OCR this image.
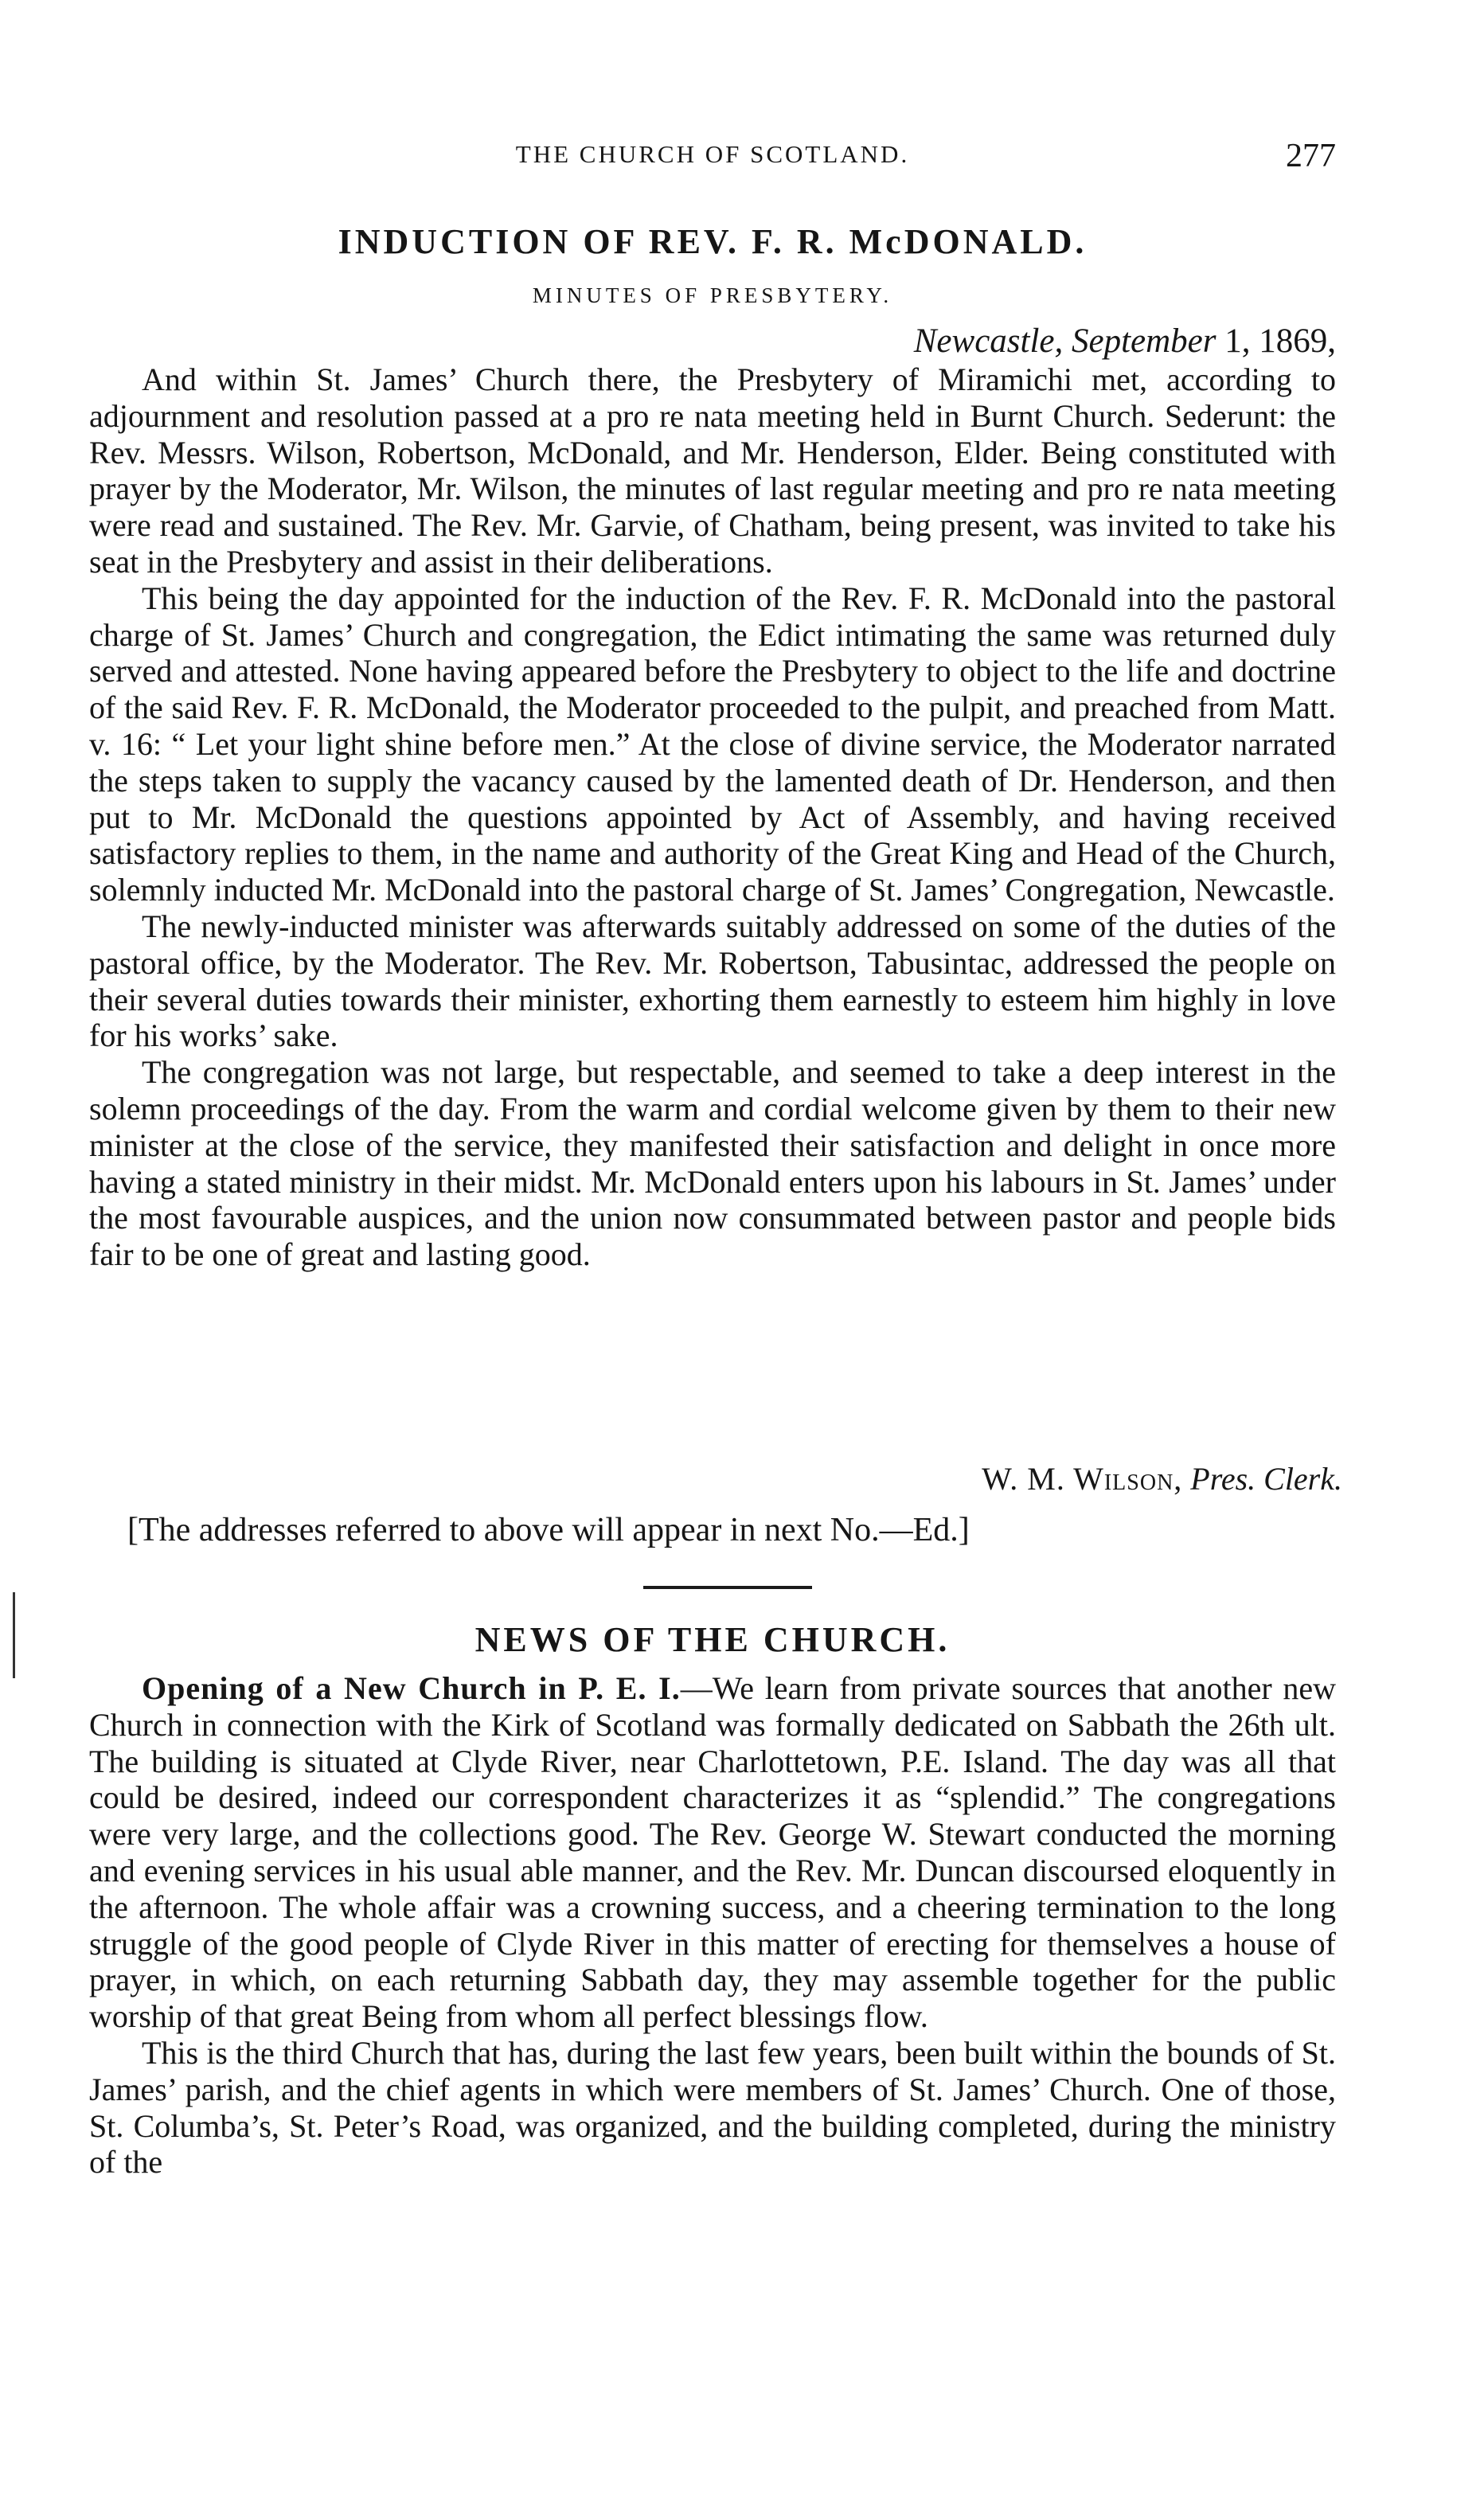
THE CHURCH OF SCOTLAND.	277
INDUCTION OF REV. F. R. McDONALD.
MINUTES OF PRESBYTERY.
Newcastle, September 1, 1869,

And within St. James’ Church there, the Presbytery of Miramichi met, according to adjournment and resolution passed at a pro re nata meeting held in Burnt Church. Sederunt: the Rev. Messrs. Wilson, Robertson, McDonald, and Mr. Henderson, Elder. Being constituted with prayer by the Moderator, Mr. Wilson, the minutes of last regular meeting and pro re nata meeting were read and sustained. The Rev. Mr. Garvie, of Chatham, being present, was invited to take his seat in the Presbytery and assist in their deliberations.

This being the day appointed for the induction of the Rev. F. R. McDonald into the pastoral charge of St. James’ Church and congregation, the Edict intimating the same was returned duly served and attested. None having appeared before the Presbytery to object to the life and doctrine of the said Rev. F. R. McDonald, the Moderator proceeded to the pulpit, and preached from Matt. v. 16: “ Let your light shine before men.” At the close of divine service, the Moderator narrated the steps taken to supply the vacancy caused by the lamented death of Dr. Henderson, and then put to Mr. McDonald the questions appointed by Act of Assembly, and having received satisfactory replies to them, in the name and authority of the Great King and Head of the Church, solemnly inducted Mr. McDonald into the pastoral charge of St. James’ Congregation, Newcastle.

The newly-inducted minister was afterwards suitably addressed on some of the duties of the pastoral office, by the Moderator. The Rev. Mr. Robertson, Tabusintac, addressed the people on their several duties towards their minister, exhorting them earnestly to esteem him highly in love for his works’ sake.

The congregation was not large, but respectable, and seemed to take a deep interest in the solemn proceedings of the day. From the warm and cordial welcome given by them to their new minister at the close of the service, they manifested their satisfaction and delight in once more having a stated ministry in their midst. Mr. McDonald enters upon his labours in St. James’ under the most favourable auspices, and the union now consummated between pastor and people bids fair to be one of great and lasting good.

W. M. Wilson, Pres. Clerk.
[The addresses referred to above will appear in next No.—Ed.]
NEWS OF THE CHURCH.

Opening of a New Church in P. E. I.—We learn from private sources that another new Church in connection with the Kirk of Scotland was formally dedicated on Sabbath the 26th ult. The building is situated at Clyde River, near Charlottetown, P.E. Island. The day was all that could be desired, indeed our correspondent characterizes it as “splendid.” The congregations were very large, and the collections good. The Rev. George W. Stewart conducted the morning and evening services in his usual able manner, and the Rev. Mr. Duncan discoursed eloquently in the afternoon. The whole affair was a crowning success, and a cheering termination to the long struggle of the good people of Clyde River in this matter of erecting for themselves a house of prayer, in which, on each returning Sabbath day, they may assemble together for the public worship of that great Being from whom all perfect blessings flow.

This is the third Church that has, during the last few years, been built within the bounds of St. James’ parish, and the chief agents in which were members of St. James’ Church. One of those, St. Columba’s, St. Peter’s Road, was organized, and the building completed, during the ministry of the
